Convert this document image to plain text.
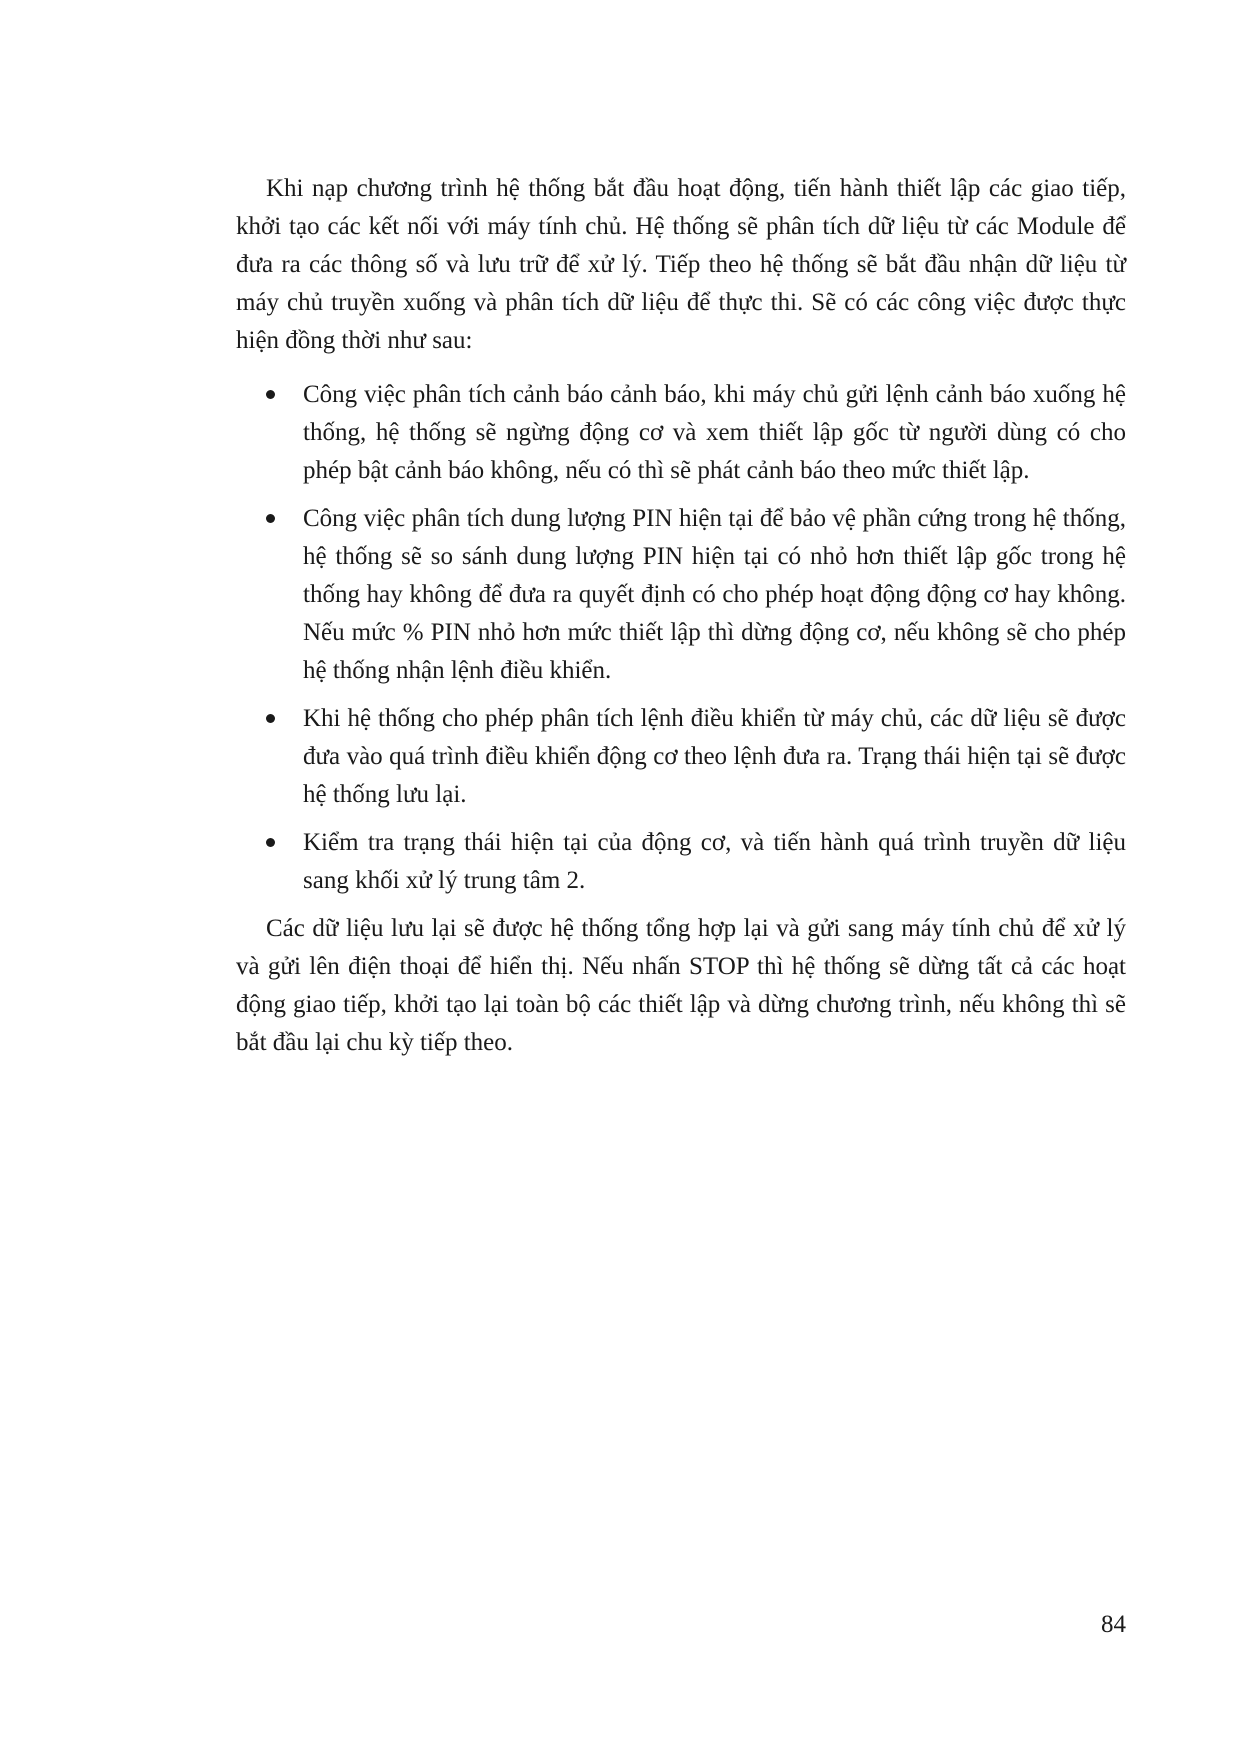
Khi nạp chương trình hệ thống bắt đầu hoạt động, tiến hành thiết lập các giao tiếp, khởi tạo các kết nối với máy tính chủ. Hệ thống sẽ phân tích dữ liệu từ các Module để đưa ra các thông số và lưu trữ để xử lý. Tiếp theo hệ thống sẽ bắt đầu nhận dữ liệu từ máy chủ truyền xuống và phân tích dữ liệu để thực thi. Sẽ có các công việc được thực hiện đồng thời như sau:

Công việc phân tích cảnh báo cảnh báo, khi máy chủ gửi lệnh cảnh báo xuống hệ thống, hệ thống sẽ ngừng động cơ và xem thiết lập gốc từ người dùng có cho phép bật cảnh báo không, nếu có thì sẽ phát cảnh báo theo mức thiết lập.
Công việc phân tích dung lượng PIN hiện tại để bảo vệ phần cứng trong hệ thống, hệ thống sẽ so sánh dung lượng PIN hiện tại có nhỏ hơn thiết lập gốc trong hệ thống hay không để đưa ra quyết định có cho phép hoạt động động cơ hay không. Nếu mức % PIN nhỏ hơn mức thiết lập thì dừng động cơ, nếu không sẽ cho phép hệ thống nhận lệnh điều khiển.
Khi hệ thống cho phép phân tích lệnh điều khiển từ máy chủ, các dữ liệu sẽ được đưa vào quá trình điều khiển động cơ theo lệnh đưa ra. Trạng thái hiện tại sẽ được hệ thống lưu lại.
Kiểm tra trạng thái hiện tại của động cơ, và tiến hành quá trình truyền dữ liệu sang khối xử lý trung tâm 2.

Các dữ liệu lưu lại sẽ được hệ thống tổng hợp lại và gửi sang máy tính chủ để xử lý và gửi lên điện thoại để hiển thị. Nếu nhấn STOP thì hệ thống sẽ dừng tất cả các hoạt động giao tiếp, khởi tạo lại toàn bộ các thiết lập và dừng chương trình, nếu không thì sẽ bắt đầu lại chu kỳ tiếp theo.

84
